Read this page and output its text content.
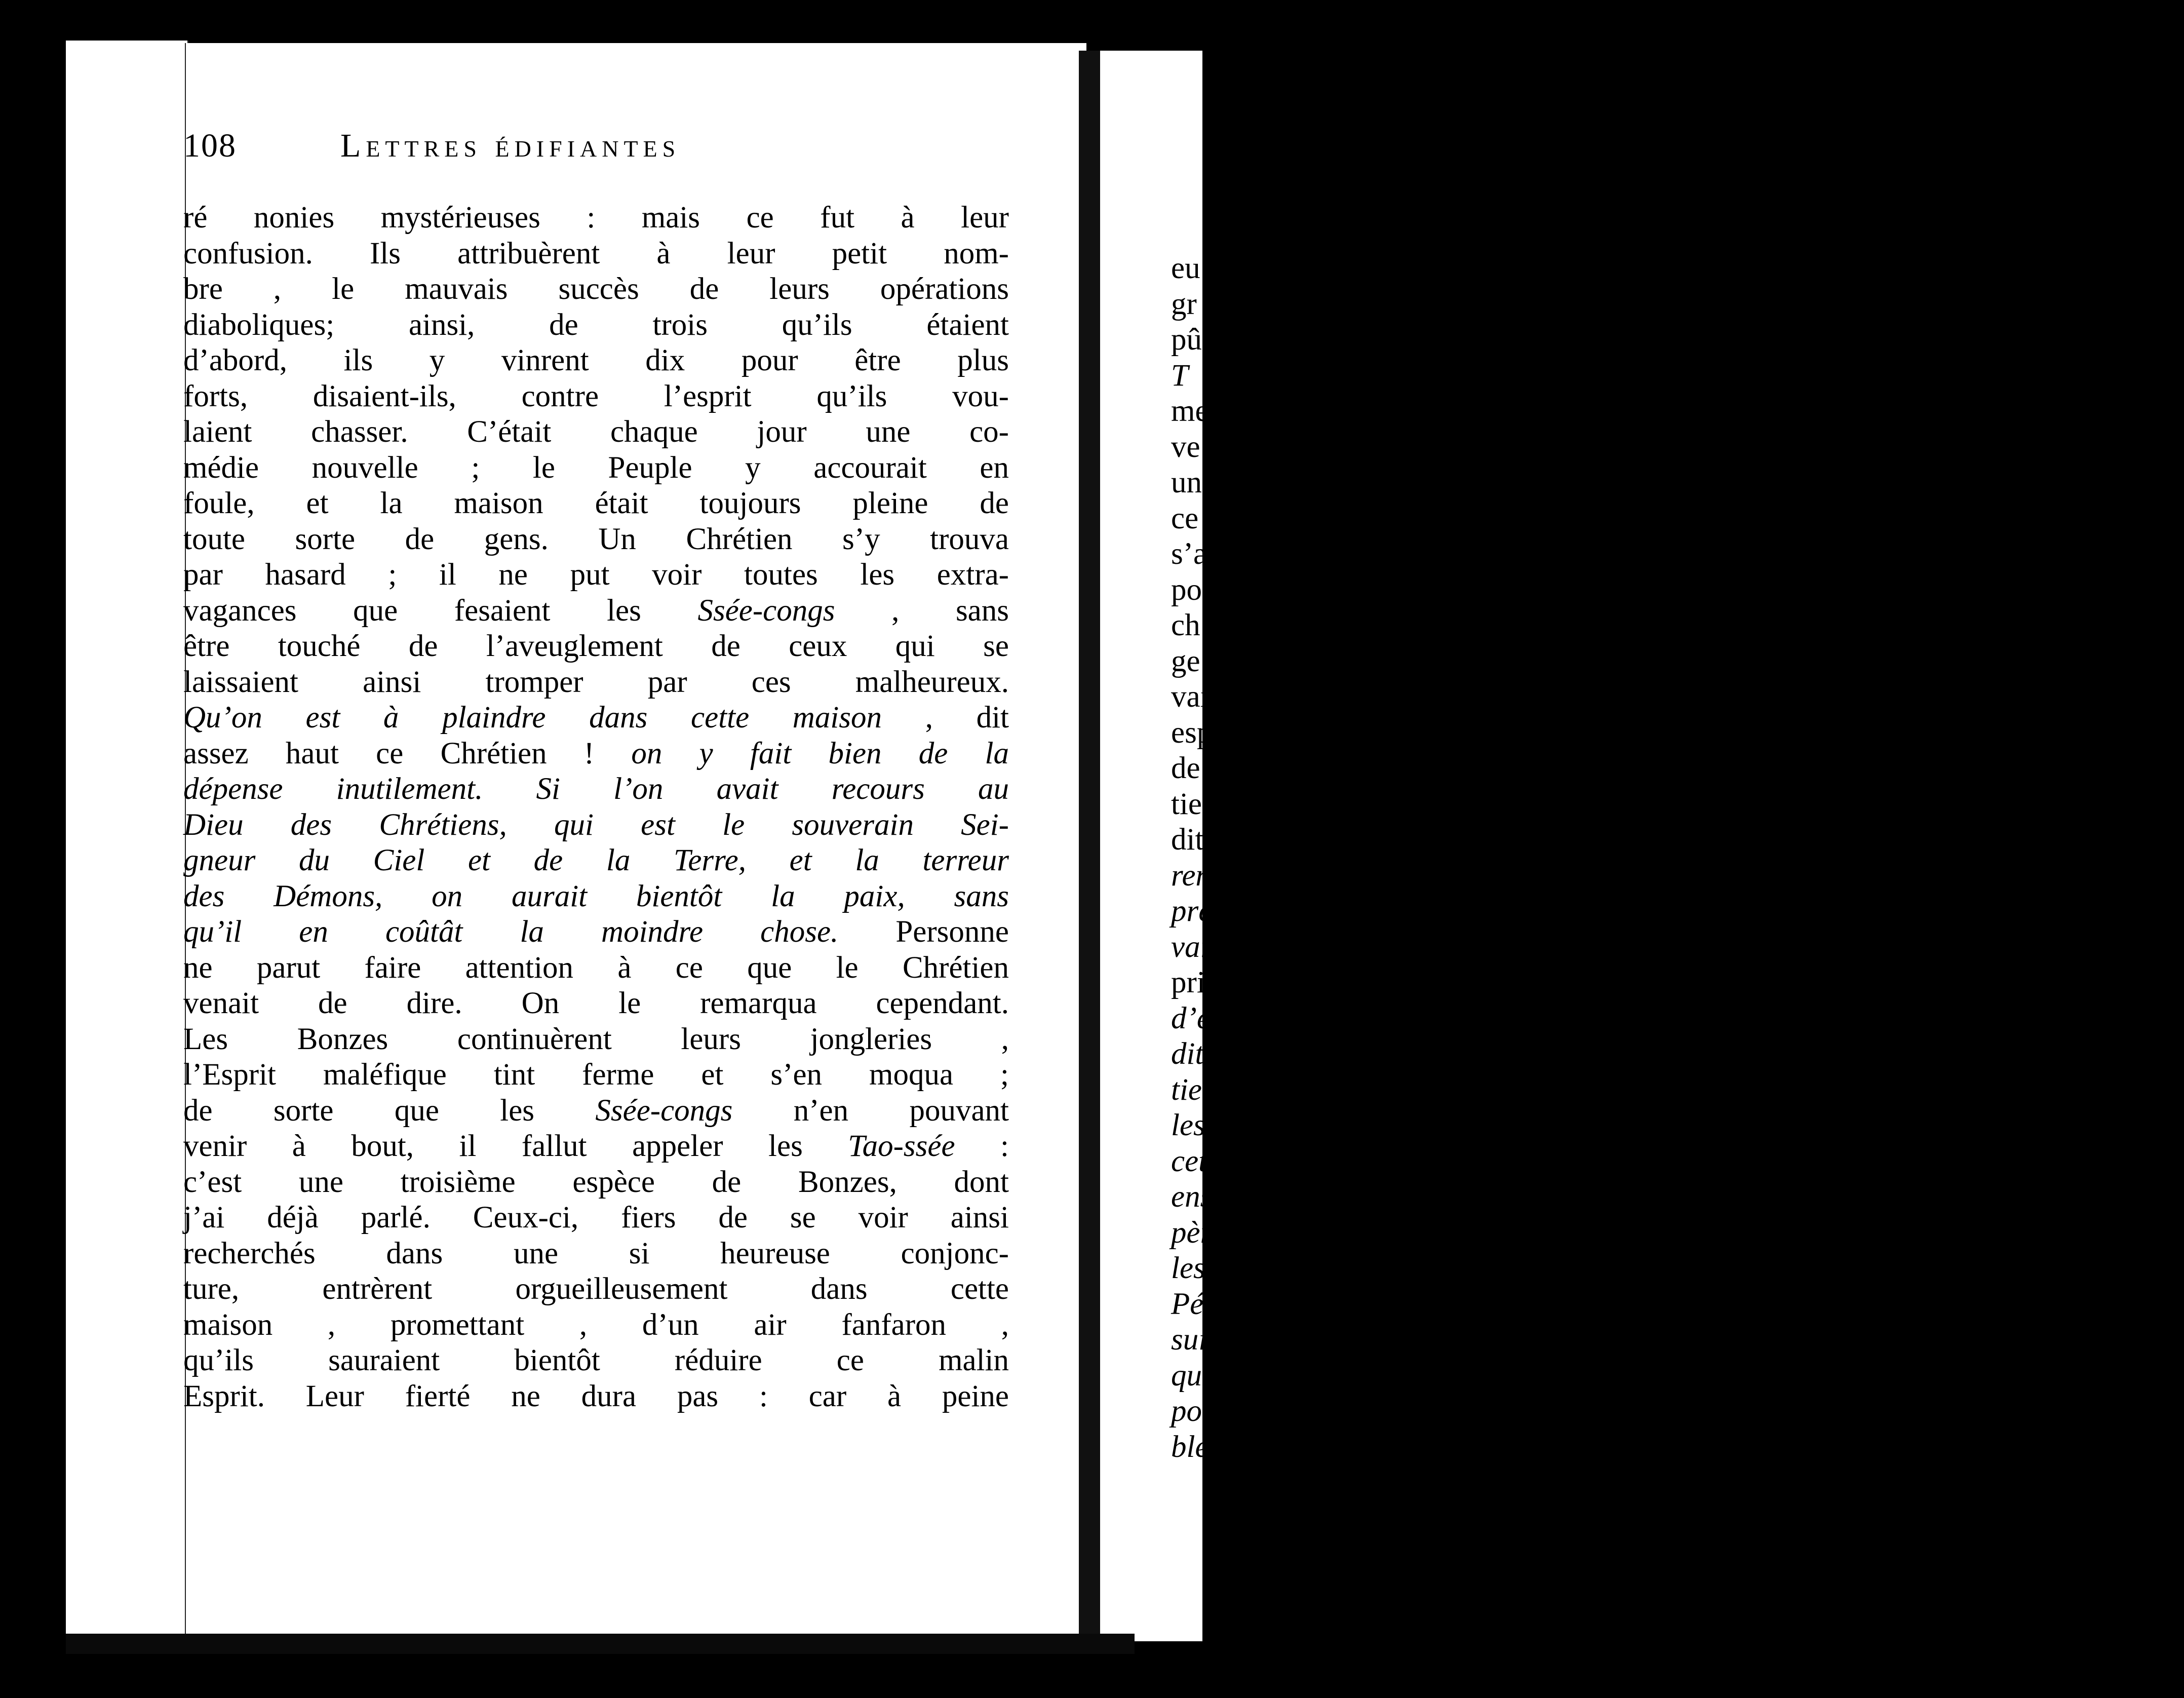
108	Lettres édifiantes
ré nonies mystérieuses : mais ce fut à leur
confusion. Ils attribuèrent à leur petit nom-
bre , le mauvais succès de leurs opérations
diaboliques; ainsi, de trois qu’ils étaient
d’abord, ils y vinrent dix pour être plus
forts, disaient-ils, contre l’esprit qu’ils vou-
laient chasser. C’était chaque jour une co-
médie nouvelle ; le Peuple y accourait en
foule, et la maison était toujours pleine de
toute sorte de gens. Un Chrétien s’y trouva
par hasard ; il ne put voir toutes les extra-
vagances que fesaient les Ssée-congs , sans
être touché de l’aveuglement de ceux qui se
laissaient ainsi tromper par ces malheureux.
Qu’on est à plaindre dans cette maison , dit
assez haut ce Chrétien ! on y fait bien de la
dépense inutilement. Si l’on avait recours au
Dieu des Chrétiens, qui est le souverain Sei-
gneur du Ciel et de la Terre, et la terreur
des Démons, on aurait bientôt la paix, sans
qu’il en coûtât la moindre chose. Personne
ne parut faire attention à ce que le Chrétien
venait de dire. On le remarqua cependant.
Les Bonzes continuèrent leurs jongleries ,
l’Esprit maléfique tint ferme et s’en moqua ;
de sorte que les Ssée-congs n’en pouvant
venir à bout, il fallut appeler les Tao-ssée :
c’est une troisième espèce de Bonzes, dont
j’ai déjà parlé. Ceux-ci, fiers de se voir ainsi
recherchés dans une si heureuse conjonc-
ture, entrèrent orgueilleusement dans cette
maison , promettant , d’un air fanfaron ,
qu’ils sauraient bientôt réduire ce malin
Esprit. Leur fierté ne dura pas : car à peine
eu
gr
pû
T
me
ve
un
ce
s’a
po
ch
ge
vai
esp
de
tie
dit
ren
pré
vai
pri
d’é
dit.
tien
les
cett
ense
père
les
Péc
suis
que
pou
bles
